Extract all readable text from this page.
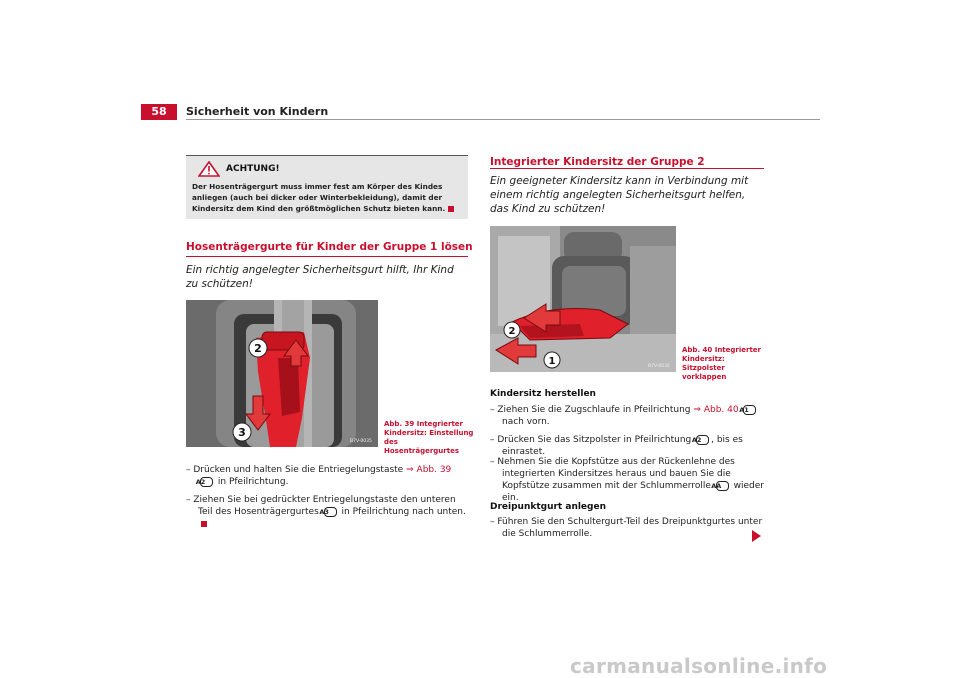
58	Sicherheit von Kindern
ACHTUNG!
Der Hosenträgergurt muss immer fest am Körper des Kindes anliegen (auch bei dicker oder Winterbekleidung), damit der Kindersitz dem Kind den größtmöglichen Schutz bieten kann.
Hosenträgergurte für Kinder der Gruppe 1 lösen
Ein richtig angelegter Sicherheitsgurt hilft, Ihr Kind zu schützen!
2
3
B7V-0035
Abb. 39 Integrierter Kindersitz: Einstellung des Hosenträgergurtes
– Drücken und halten Sie die Entriegelungstaste ⇒ Abb. 39 A2 in Pfeilrichtung.
– Ziehen Sie bei gedrückter Entriegelungstaste den unteren Teil des Hosenträgergurtes A3 in Pfeilrichtung nach unten.
Integrierter Kindersitz der Gruppe 2
Ein geeigneter Kindersitz kann in Verbindung mit einem richtig angelegten Sicherheitsgurt helfen, das Kind zu schützen!
2
1	B7V-0036
Abb. 40 Integrierter Kindersitz: Sitzpolster vorklappen
Kindersitz herstellen
– Ziehen Sie die Zugschlaufe in Pfeilrichtung ⇒ Abb. 40 A1 nach vorn.
– Drücken Sie das Sitzpolster in Pfeilrichtung A2 , bis es einrastet.
– Nehmen Sie die Kopfstütze aus der Rückenlehne des integrierten Kindersitzes heraus und bauen Sie die Kopfstütze zusammen mit der Schlummerrolle AA wieder ein.
Dreipunktgurt anlegen
– Führen Sie den Schultergurt-Teil des Dreipunktgurtes unter die Schlummerrolle.
carmanualsonline.info
